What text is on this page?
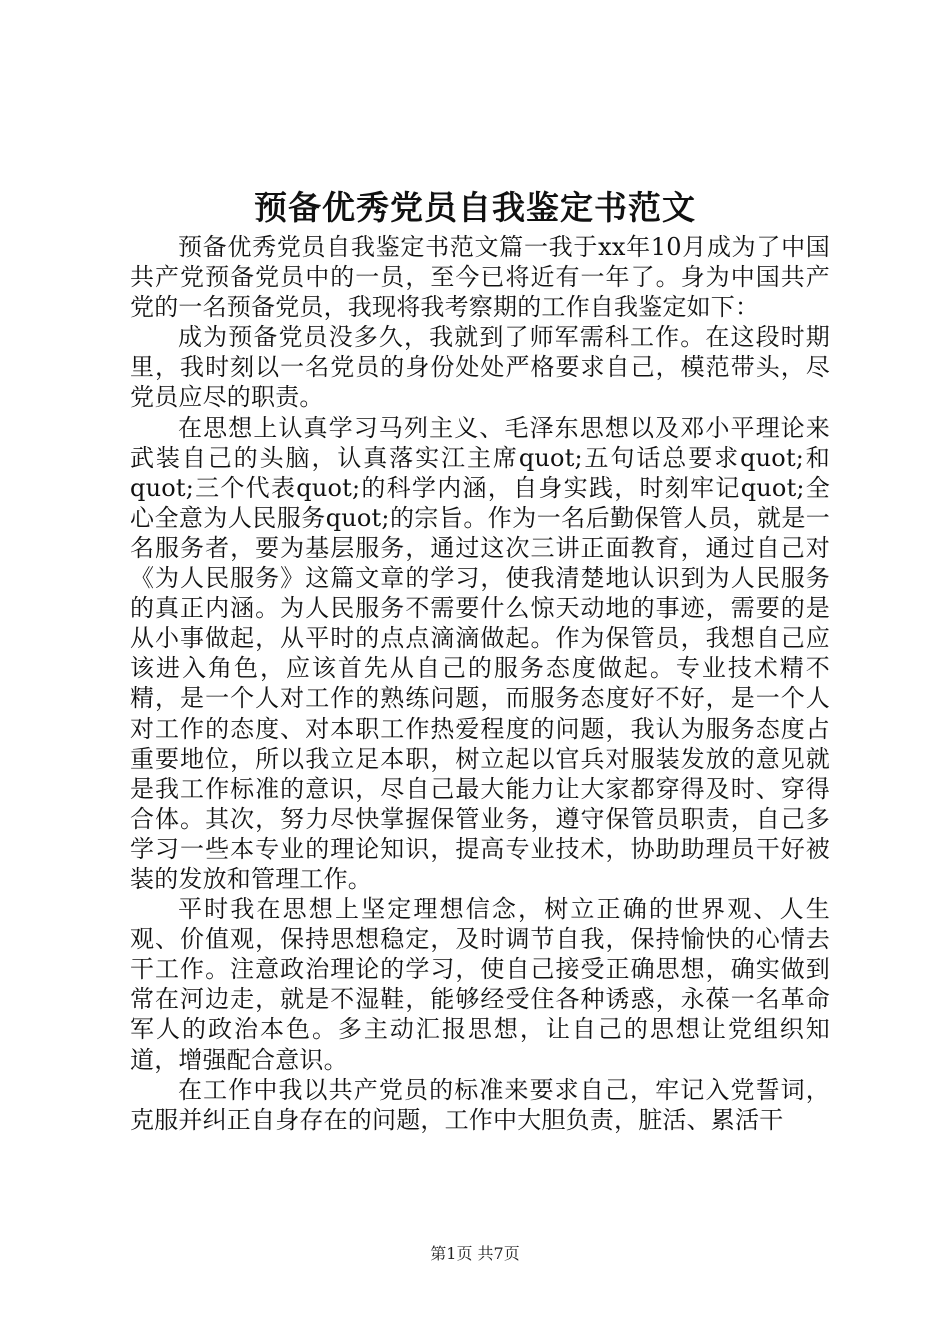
预备优秀党员自我鉴定书范文

预备优秀党员自我鉴定书范文篇一我于xx年10月成为了中国共产党预备党员中的一员，至今已将近有一年了。身为中国共产党的一名预备党员，我现将我考察期的工作自我鉴定如下：

成为预备党员没多久，我就到了师军需科工作。在这段时期里，我时刻以一名党员的身份处处严格要求自己，模范带头，尽党员应尽的职责。

在思想上认真学习马列主义、毛泽东思想以及邓小平理论来武装自己的头脑，认真落实江主席quot;五句话总要求quot;和quot;三个代表quot;的科学内涵，自身实践，时刻牢记quot;全心全意为人民服务quot;的宗旨。作为一名后勤保管人员，就是一名服务者，要为基层服务，通过这次三讲正面教育，通过自己对《为人民服务》这篇文章的学习，使我清楚地认识到为人民服务的真正内涵。为人民服务不需要什么惊天动地的事迹，需要的是从小事做起，从平时的点点滴滴做起。作为保管员，我想自己应该进入角色，应该首先从自己的服务态度做起。专业技术精不精，是一个人对工作的熟练问题，而服务态度好不好，是一个人对工作的态度、对本职工作热爱程度的问题，我认为服务态度占重要地位，所以我立足本职，树立起以官兵对服装发放的意见就是我工作标准的意识，尽自己最大能力让大家都穿得及时、穿得合体。其次，努力尽快掌握保管业务，遵守保管员职责，自己多学习一些本专业的理论知识，提高专业技术，协助助理员干好被装的发放和管理工作。

平时我在思想上坚定理想信念，树立正确的世界观、人生观、价值观，保持思想稳定，及时调节自我，保持愉快的心情去干工作。注意政治理论的学习，使自己接受正确思想，确实做到常在河边走，就是不湿鞋，能够经受住各种诱惑，永葆一名革命军人的政治本色。多主动汇报思想，让自己的思想让党组织知道，增强配合意识。

在工作中我以共产党员的标准来要求自己，牢记入党誓词，克服并纠正自身存在的问题，工作中大胆负责，脏活、累活干

第1页 共7页
